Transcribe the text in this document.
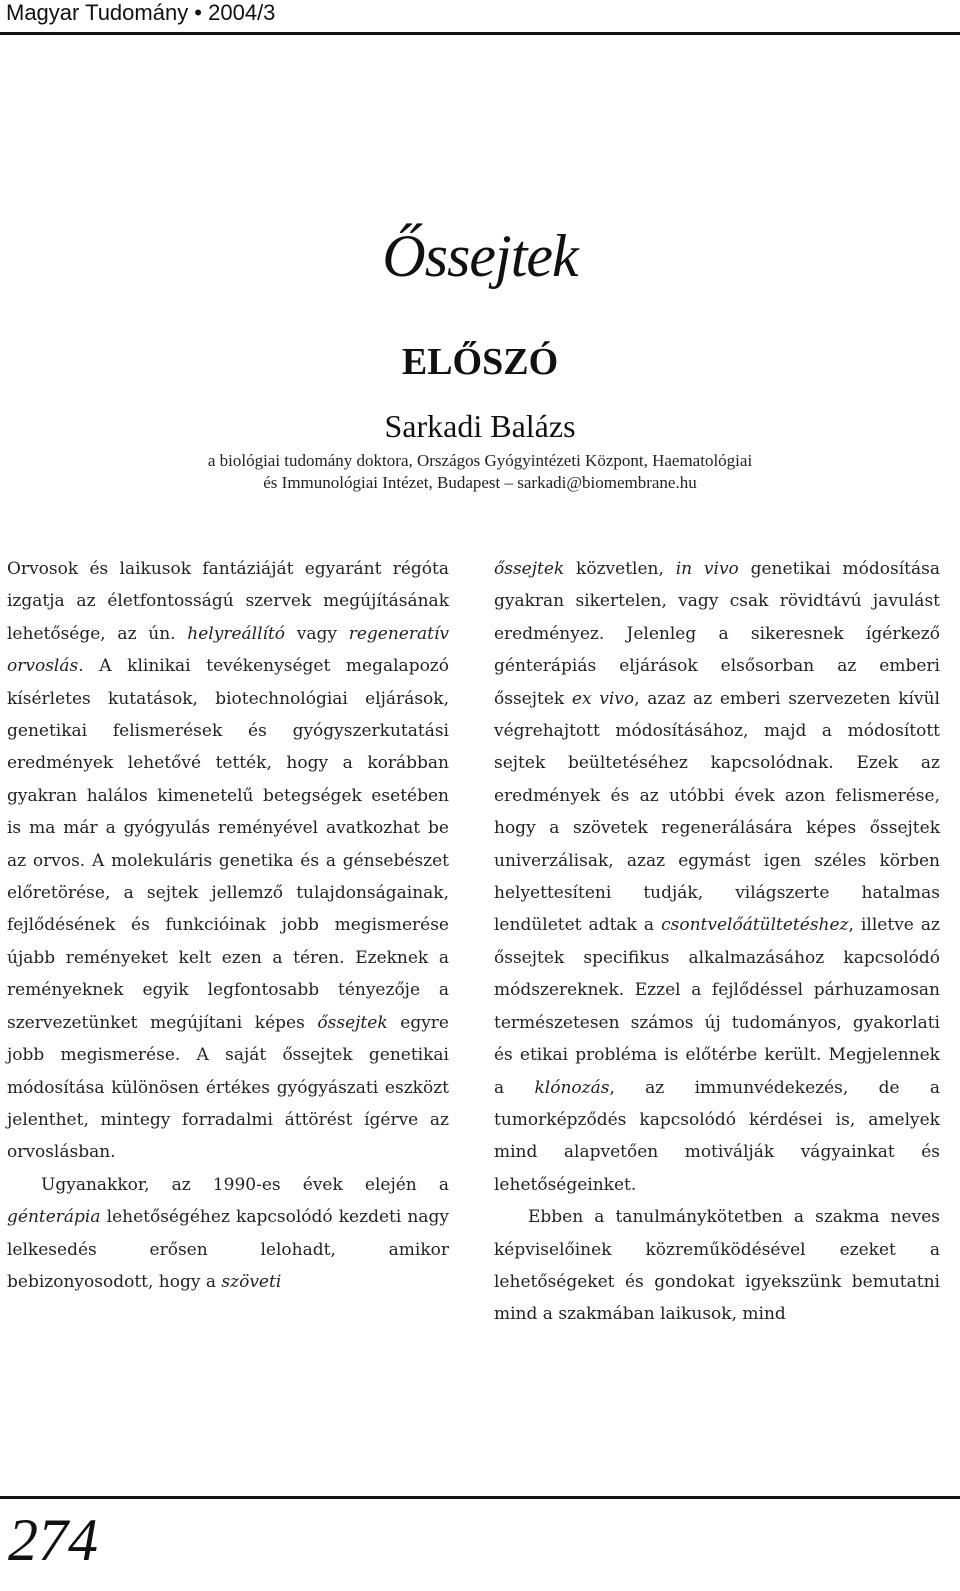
Magyar Tudomány • 2004/3
Őssejtek
ELŐSZÓ
Sarkadi Balázs
a biológiai tudomány doktora, Országos Gyógyintézeti Központ, Haematológiai
és Immunológiai Intézet, Budapest – sarkadi@biomembrane.hu

Orvosok és laikusok fantáziáját egyaránt régóta izgatja az életfontosságú szervek megújításának lehetősége, az ún. helyreállító vagy regeneratív orvoslás. A klinikai tevékenységet megalapozó kísérletes kutatások, biotechnológiai eljárások, genetikai felismerések és gyógyszerkutatási eredmények lehetővé tették, hogy a korábban gyakran halálos kimenetelű betegségek esetében is ma már a gyógyulás reményével avatkozhat be az orvos. A molekuláris genetika és a génsebészet előretörése, a sejtek jellemző tulajdonságainak, fejlődésének és funkcióinak jobb megismerése újabb reményeket kelt ezen a téren. Ezeknek a reményeknek egyik legfontosabb tényezője a szervezetünket megújítani képes őssejtek egyre jobb megismerése. A saját őssejtek genetikai módosítása különösen értékes gyógyászati eszközt jelenthet, mintegy forradalmi áttörést ígérve az orvoslásban.

Ugyanakkor, az 1990-es évek elején a génterápia lehetőségéhez kapcsolódó kezdeti nagy lelkesedés erősen lelohadt, amikor bebizonyosodott, hogy a szöveti

őssejtek közvetlen, in vivo genetikai módosítása gyakran sikertelen, vagy csak rövidtávú javulást eredményez. Jelenleg a sikeresnek ígérkező génterápiás eljárások elsősorban az emberi őssejtek ex vivo, azaz az emberi szervezeten kívül végrehajtott módosításához, majd a módosított sejtek beültetéséhez kapcsolódnak. Ezek az eredmények és az utóbbi évek azon felismerése, hogy a szövetek regenerálására képes őssejtek univerzálisak, azaz egymást igen széles körben helyettesíteni tudják, világszerte hatalmas lendületet adtak a csontvelőátültetéshez, illetve az őssejtek specifikus alkalmazásához kapcsolódó módszereknek. Ezzel a fejlődéssel párhuzamosan természetesen számos új tudományos, gyakorlati és etikai probléma is előtérbe került. Megjelennek a klónozás, az immunvédekezés, de a tumorképződés kapcsolódó kérdései is, amelyek mind alapvetően motiválják vágyainkat és lehetőségeinket.

Ebben a tanulmánykötetben a szakma neves képviselőinek közreműködésével ezeket a lehetőségeket és gondokat igyekszünk bemutatni mind a szakmában laikusok, mind

274
